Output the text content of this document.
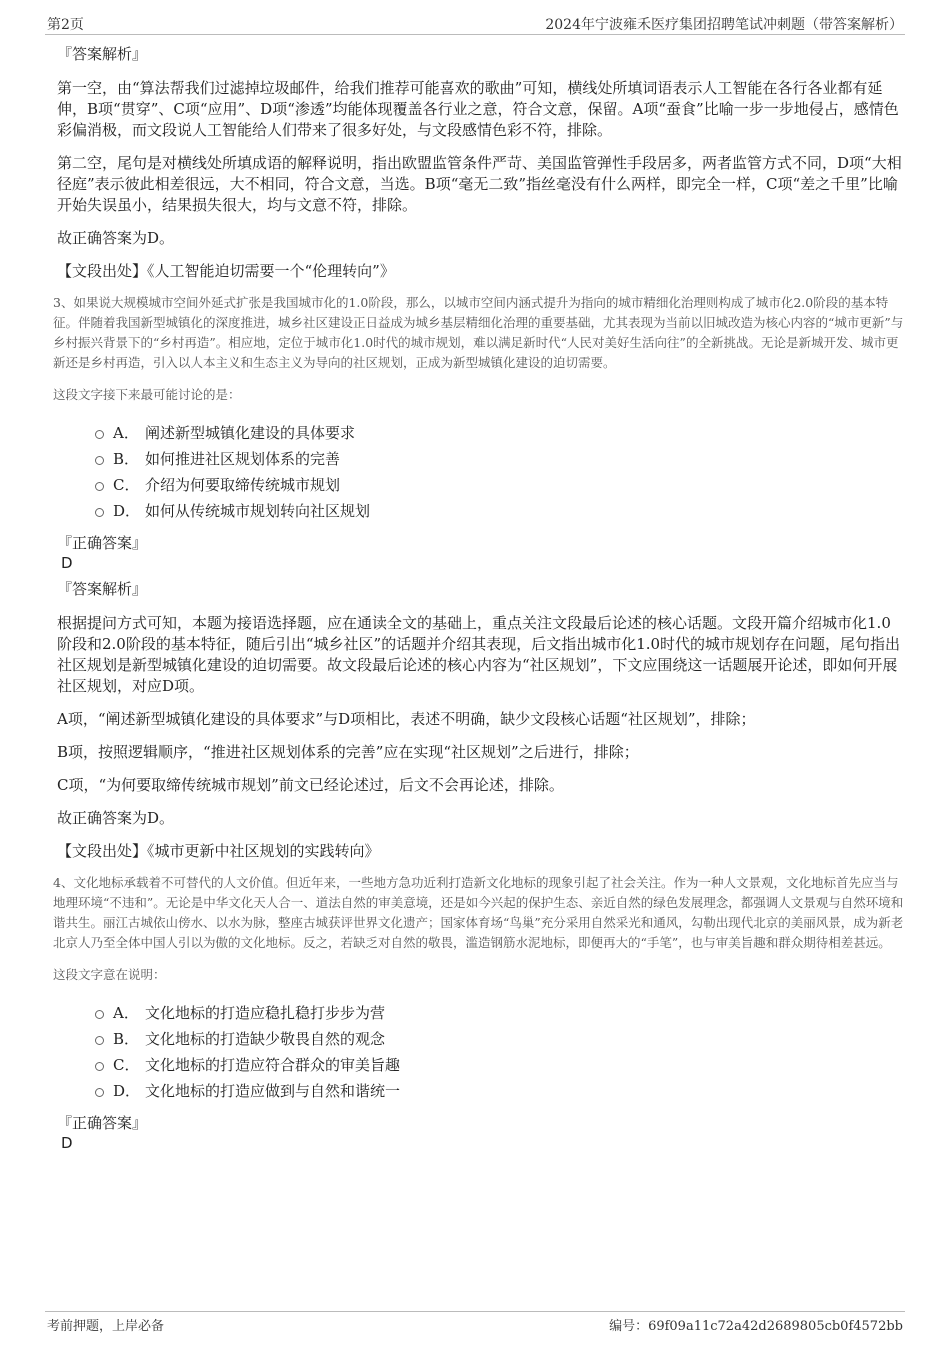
第2页	2024年宁波雍禾医疗集团招聘笔试冲刺题（带答案解析）
『答案解析』

第一空，由“算法帮我们过滤掉垃圾邮件，给我们推荐可能喜欢的歌曲”可知，横线处所填词语表示人工智能在各行各业都有延伸，B项“贯穿”、C项“应用”、D项“渗透”均能体现覆盖各行业之意，符合文意，保留。A项“蚕食”比喻一步一步地侵占，感情色彩偏消极，而文段说人工智能给人们带来了很多好处，与文段感情色彩不符，排除。

第二空，尾句是对横线处所填成语的解释说明，指出欧盟监管条件严苛、美国监管弹性手段居多，两者监管方式不同，D项“大相径庭”表示彼此相差很远，大不相同，符合文意，当选。B项“毫无二致”指丝毫没有什么两样，即完全一样，C项“差之千里”比喻开始失误虽小，结果损失很大，均与文意不符，排除。

故正确答案为D。

【文段出处】《人工智能迫切需要一个“伦理转向”》

3、如果说大规模城市空间外延式扩张是我国城市化的1.0阶段，那么，以城市空间内涵式提升为指向的城市精细化治理则构成了城市化2.0阶段的基本特征。伴随着我国新型城镇化的深度推进，城乡社区建设正日益成为城乡基层精细化治理的重要基础，尤其表现为当前以旧城改造为核心内容的“城市更新”与乡村振兴背景下的“乡村再造”。相应地，定位于城市化1.0时代的城市规划，难以满足新时代“人民对美好生活向往”的全新挑战。无论是新城开发、城市更新还是乡村再造，引入以人本主义和生态主义为导向的社区规划，正成为新型城镇化建设的迫切需要。

这段文字接下来最可能讨论的是：

A． 阐述新型城镇化建设的具体要求
B． 如何推进社区规划体系的完善
C． 介绍为何要取缔传统城市规划
D． 如何从传统城市规划转向社区规划
『正确答案』
D
『答案解析』

根据提问方式可知，本题为接语选择题，应在通读全文的基础上，重点关注文段最后论述的核心话题。文段开篇介绍城市化1.0阶段和2.0阶段的基本特征，随后引出“城乡社区”的话题并介绍其表现，后文指出城市化1.0时代的城市规划存在问题，尾句指出社区规划是新型城镇化建设的迫切需要。故文段最后论述的核心内容为“社区规划”，下文应围绕这一话题展开论述，即如何开展社区规划，对应D项。

A项，“阐述新型城镇化建设的具体要求”与D项相比，表述不明确，缺少文段核心话题“社区规划”，排除；

B项，按照逻辑顺序，“推进社区规划体系的完善”应在实现“社区规划”之后进行，排除；

C项，“为何要取缔传统城市规划”前文已经论述过，后文不会再论述，排除。

故正确答案为D。

【文段出处】《城市更新中社区规划的实践转向》

4、文化地标承载着不可替代的人文价值。但近年来，一些地方急功近利打造新文化地标的现象引起了社会关注。作为一种人文景观，文化地标首先应当与地理环境“不违和”。无论是中华文化天人合一、道法自然的审美意境，还是如今兴起的保护生态、亲近自然的绿色发展理念，都强调人文景观与自然环境和谐共生。丽江古城依山傍水、以水为脉，整座古城获评世界文化遗产；国家体育场“鸟巢”充分采用自然采光和通风，勾勒出现代北京的美丽风景，成为新老北京人乃至全体中国人引以为傲的文化地标。反之，若缺乏对自然的敬畏，滥造钢筋水泥地标，即便再大的“手笔”，也与审美旨趣和群众期待相差甚远。

这段文字意在说明：

A． 文化地标的打造应稳扎稳打步步为营
B． 文化地标的打造缺少敬畏自然的观念
C． 文化地标的打造应符合群众的审美旨趣
D． 文化地标的打造应做到与自然和谐统一
『正确答案』
D
考前押题，上岸必备	编号：69f09a11c72a42d2689805cb0f4572bb
